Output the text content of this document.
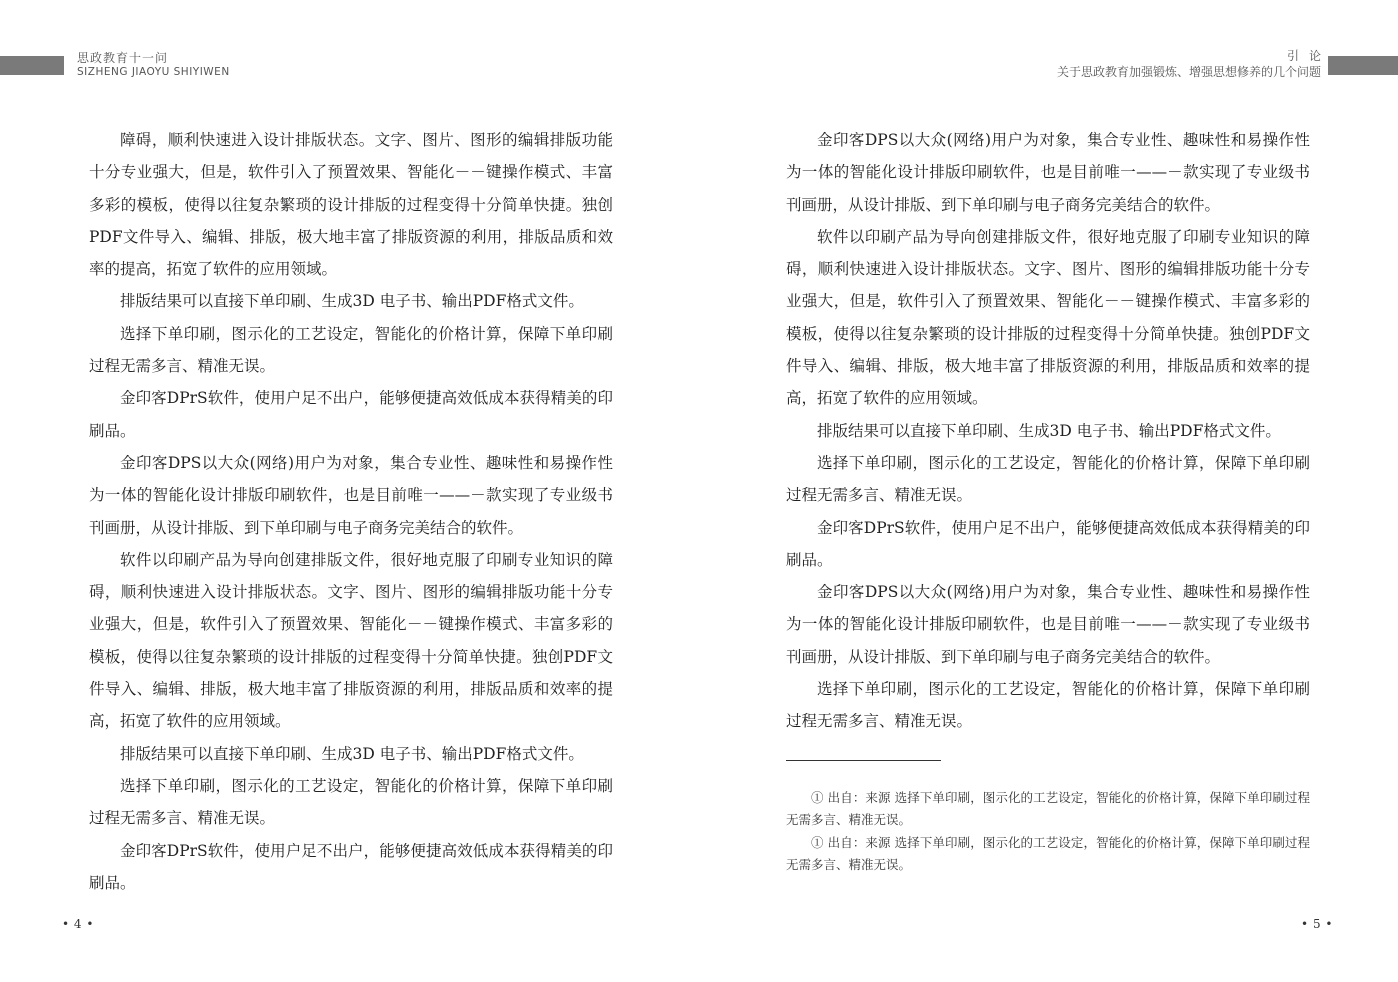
思政教育十一问
SIZHENG JIAOYU SHIYIWEN

障碍，顺利快速进入设计排版状态。文字、图片、图形的编辑排版功能十分专业强大，但是，软件引入了预置效果、智能化－－键操作模式、丰富多彩的模板，使得以往复杂繁琐的设计排版的过程变得十分简单快捷。独创PDF文件导入、编辑、排版，极大地丰富了排版资源的利用，排版品质和效率的提高，拓宽了软件的应用领域。

排版结果可以直接下单印刷、生成3D 电子书、输出PDF格式文件。

选择下单印刷，图示化的工艺设定，智能化的价格计算，保障下单印刷过程无需多言、精准无误。

金印客DPrS软件，使用户足不出户，能够便捷高效低成本获得精美的印刷品。

金印客DPS以大众(网络)用户为对象，集合专业性、趣味性和易操作性为一体的智能化设计排版印刷软件，也是目前唯一——－款实现了专业级书刊画册，从设计排版、到下单印刷与电子商务完美结合的软件。

软件以印刷产品为导向创建排版文件，很好地克服了印刷专业知识的障碍，顺利快速进入设计排版状态。文字、图片、图形的编辑排版功能十分专业强大，但是，软件引入了预置效果、智能化－－键操作模式、丰富多彩的模板，使得以往复杂繁琐的设计排版的过程变得十分简单快捷。独创PDF文件导入、编辑、排版，极大地丰富了排版资源的利用，排版品质和效率的提高，拓宽了软件的应用领域。

排版结果可以直接下单印刷、生成3D 电子书、输出PDF格式文件。

选择下单印刷，图示化的工艺设定，智能化的价格计算，保障下单印刷过程无需多言、精准无误。

金印客DPrS软件，使用户足不出户，能够便捷高效低成本获得精美的印刷品。

• 4 •
引论
关于思政教育加强锻炼、增强思想修养的几个问题

金印客DPS以大众(网络)用户为对象，集合专业性、趣味性和易操作性为一体的智能化设计排版印刷软件，也是目前唯一——－款实现了专业级书刊画册，从设计排版、到下单印刷与电子商务完美结合的软件。

软件以印刷产品为导向创建排版文件，很好地克服了印刷专业知识的障碍，顺利快速进入设计排版状态。文字、图片、图形的编辑排版功能十分专业强大，但是，软件引入了预置效果、智能化－－键操作模式、丰富多彩的模板，使得以往复杂繁琐的设计排版的过程变得十分简单快捷。独创PDF文件导入、编辑、排版，极大地丰富了排版资源的利用，排版品质和效率的提高，拓宽了软件的应用领域。

排版结果可以直接下单印刷、生成3D 电子书、输出PDF格式文件。

选择下单印刷，图示化的工艺设定，智能化的价格计算，保障下单印刷过程无需多言、精准无误。

金印客DPrS软件，使用户足不出户，能够便捷高效低成本获得精美的印刷品。

金印客DPS以大众(网络)用户为对象，集合专业性、趣味性和易操作性为一体的智能化设计排版印刷软件，也是目前唯一——－款实现了专业级书刊画册，从设计排版、到下单印刷与电子商务完美结合的软件。

选择下单印刷，图示化的工艺设定，智能化的价格计算，保障下单印刷过程无需多言、精准无误。

① 出自：来源 选择下单印刷，图示化的工艺设定，智能化的价格计算，保障下单印刷过程无需多言、精准无误。

① 出自：来源 选择下单印刷，图示化的工艺设定，智能化的价格计算，保障下单印刷过程无需多言、精准无误。

• 5 •
